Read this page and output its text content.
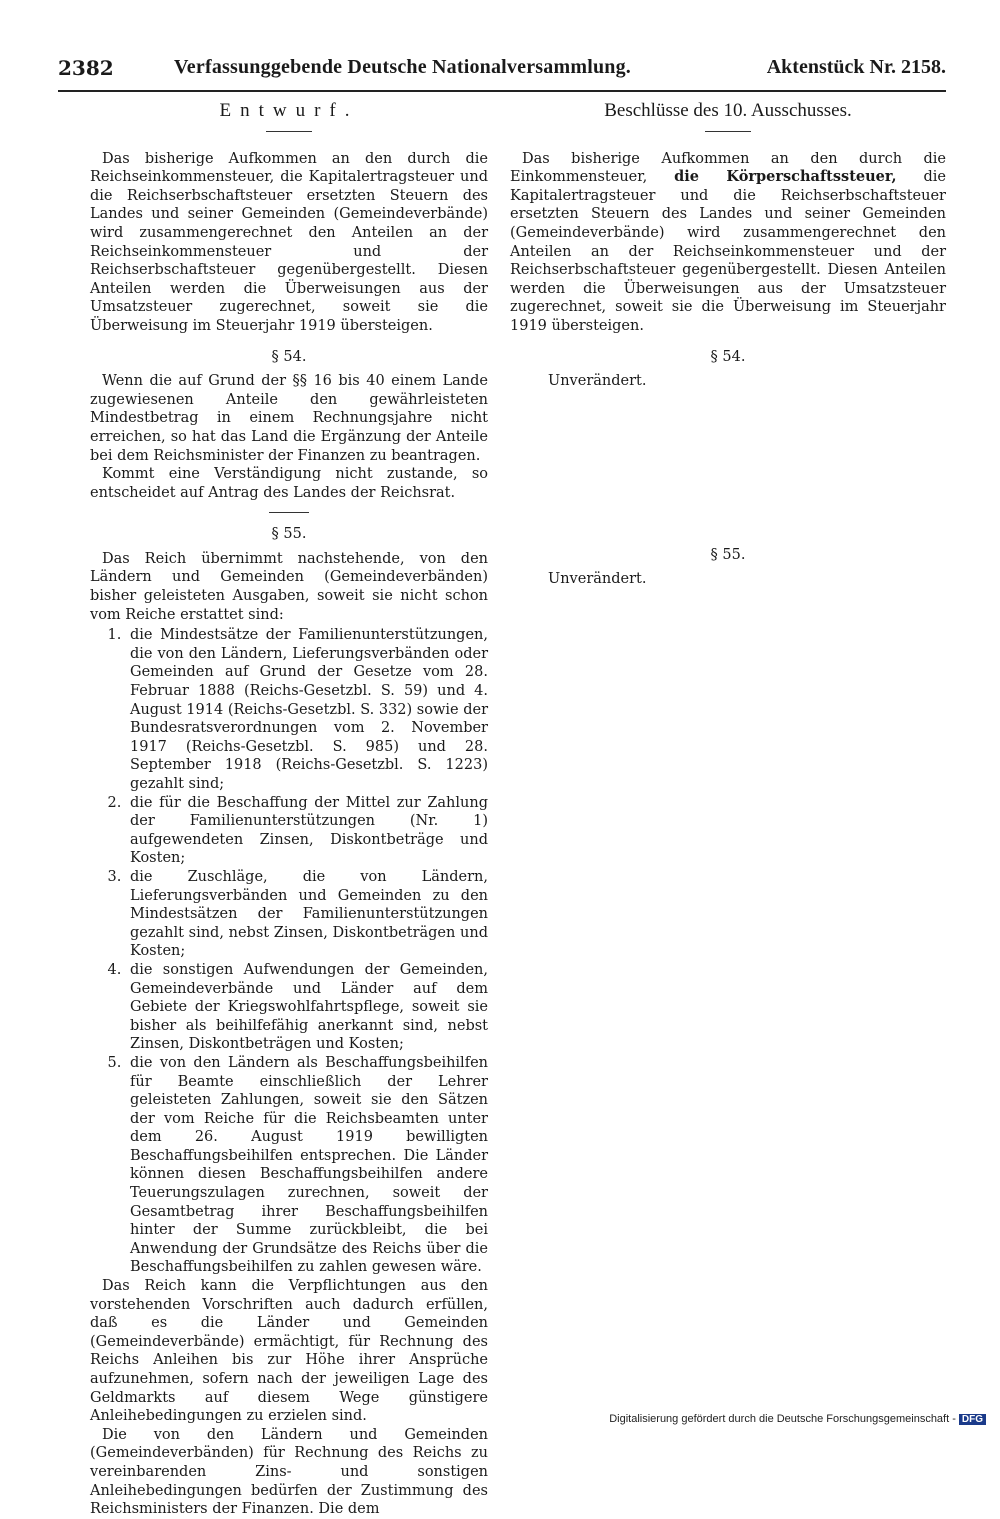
2382	Verfassunggebende Deutsche Nationalversammlung.	Aktenstück Nr. 2158.
Entwurf.

Das bisherige Aufkommen an den durch die Reichseinkommensteuer, die Kapitalertragsteuer und die Reichserbschaftsteuer ersetzten Steuern des Landes und seiner Gemeinden (Gemeindeverbände) wird zusammengerechnet den Anteilen an der Reichseinkommensteuer und der Reichserbschaftsteuer gegenübergestellt. Diesen Anteilen werden die Überweisungen aus der Umsatzsteuer zugerechnet, soweit sie die Überweisung im Steuerjahr 1919 übersteigen.

§ 54.

Wenn die auf Grund der §§ 16 bis 40 einem Lande zugewiesenen Anteile den gewährleisteten Mindestbetrag in einem Rechnungsjahre nicht erreichen, so hat das Land die Ergänzung der Anteile bei dem Reichsminister der Finanzen zu beantragen.

Kommt eine Verständigung nicht zustande, so entscheidet auf Antrag des Landes der Reichsrat.

§ 55.

Das Reich übernimmt nachstehende, von den Ländern und Gemeinden (Gemeindeverbänden) bisher geleisteten Ausgaben, soweit sie nicht schon vom Reiche erstattet sind:

1. die Mindestsätze der Familienunterstützungen, die von den Ländern, Lieferungsverbänden oder Gemeinden auf Grund der Gesetze vom 28. Februar 1888 (Reichs-Gesetzbl. S. 59) und 4. August 1914 (Reichs-Gesetzbl. S. 332) sowie der Bundesratsverordnungen vom 2. November 1917 (Reichs-Gesetzbl. S. 985) und 28. September 1918 (Reichs-Gesetzbl. S. 1223) gezahlt sind;
2. die für die Beschaffung der Mittel zur Zahlung der Familienunterstützungen (Nr. 1) aufgewendeten Zinsen, Diskontbeträge und Kosten;
3. die Zuschläge, die von Ländern, Lieferungsverbänden und Gemeinden zu den Mindestsätzen der Familienunterstützungen gezahlt sind, nebst Zinsen, Diskontbeträgen und Kosten;
4. die sonstigen Aufwendungen der Gemeinden, Gemeindeverbände und Länder auf dem Gebiete der Kriegswohlfahrtspflege, soweit sie bisher als beihilfefähig anerkannt sind, nebst Zinsen, Diskontbeträgen und Kosten;
5. die von den Ländern als Beschaffungsbeihilfen für Beamte einschließlich der Lehrer geleisteten Zahlungen, soweit sie den Sätzen der vom Reiche für die Reichsbeamten unter dem 26. August 1919 bewilligten Beschaffungsbeihilfen entsprechen. Die Länder können diesen Beschaffungsbeihilfen andere Teuerungszulagen zurechnen, soweit der Gesamtbetrag ihrer Beschaffungsbeihilfen hinter der Summe zurückbleibt, die bei Anwendung der Grundsätze des Reichs über die Beschaffungsbeihilfen zu zahlen gewesen wäre.

Das Reich kann die Verpflichtungen aus den vorstehenden Vorschriften auch dadurch erfüllen, daß es die Länder und Gemeinden (Gemeindeverbände) ermächtigt, für Rechnung des Reichs Anleihen bis zur Höhe ihrer Ansprüche aufzunehmen, sofern nach der jeweiligen Lage des Geldmarkts auf diesem Wege günstigere Anleihebedingungen zu erzielen sind.

Die von den Ländern und Gemeinden (Gemeindeverbänden) für Rechnung des Reichs zu vereinbarenden Zins- und sonstigen Anleihebedingungen bedürfen der Zustimmung des Reichsministers der Finanzen. Die dem

Beschlüsse des 10. Ausschusses.

Das bisherige Aufkommen an den durch die Einkommensteuer, die Körperschaftssteuer, die Kapitalertragsteuer und die Reichserbschaftsteuer ersetzten Steuern des Landes und seiner Gemeinden (Gemeindeverbände) wird zusammengerechnet den Anteilen an der Reichseinkommensteuer und der Reichserbschaftsteuer gegenübergestellt. Diesen Anteilen werden die Überweisungen aus der Umsatzsteuer zugerechnet, soweit sie die Überweisung im Steuerjahr 1919 übersteigen.

§ 54.

Unverändert.

§ 55.

Unverändert.

Digitalisierung gefördert durch die Deutsche Forschungsgemeinschaft - DFG
